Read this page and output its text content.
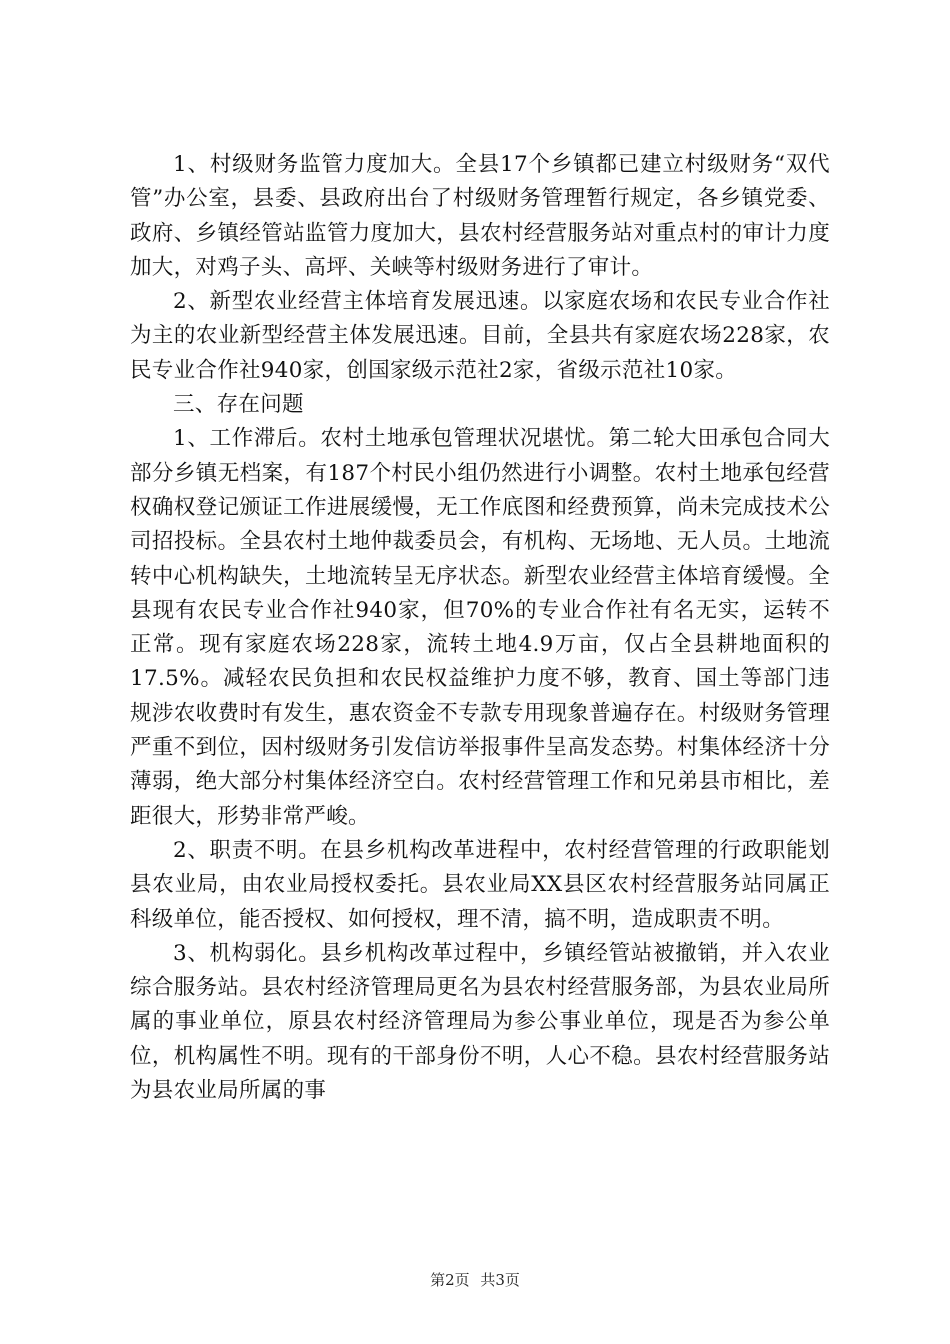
1、村级财务监管力度加大。全县17个乡镇都已建立村级财务“双代管”办公室，县委、县政府出台了村级财务管理暂行规定，各乡镇党委、政府、乡镇经管站监管力度加大，县农村经营服务站对重点村的审计力度加大，对鸡子头、高坪、关峡等村级财务进行了审计。

2、新型农业经营主体培育发展迅速。以家庭农场和农民专业合作社为主的农业新型经营主体发展迅速。目前，全县共有家庭农场228家，农民专业合作社940家，创国家级示范社2家，省级示范社10家。

三、存在问题

1、工作滞后。农村土地承包管理状况堪忧。第二轮大田承包合同大部分乡镇无档案，有187个村民小组仍然进行小调整。农村土地承包经营权确权登记颁证工作进展缓慢，无工作底图和经费预算，尚未完成技术公司招投标。全县农村土地仲裁委员会，有机构、无场地、无人员。土地流转中心机构缺失，土地流转呈无序状态。新型农业经营主体培育缓慢。全县现有农民专业合作社940家，但70%的专业合作社有名无实，运转不正常。现有家庭农场228家，流转土地4.9万亩，仅占全县耕地面积的17.5%。减轻农民负担和农民权益维护力度不够，教育、国土等部门违规涉农收费时有发生，惠农资金不专款专用现象普遍存在。村级财务管理严重不到位，因村级财务引发信访举报事件呈高发态势。村集体经济十分薄弱，绝大部分村集体经济空白。农村经营管理工作和兄弟县市相比，差距很大，形势非常严峻。

2、职责不明。在县乡机构改革进程中，农村经营管理的行政职能划县农业局，由农业局授权委托。县农业局XX县区农村经营服务站同属正科级单位，能否授权、如何授权，理不清，搞不明，造成职责不明。

3、机构弱化。县乡机构改革过程中，乡镇经管站被撤销，并入农业综合服务站。县农村经济管理局更名为县农村经营服务部，为县农业局所属的事业单位，原县农村经济管理局为参公事业单位，现是否为参公单位，机构属性不明。现有的干部身份不明，人心不稳。县农村经营服务站为县农业局所属的事

第2页 共3页
